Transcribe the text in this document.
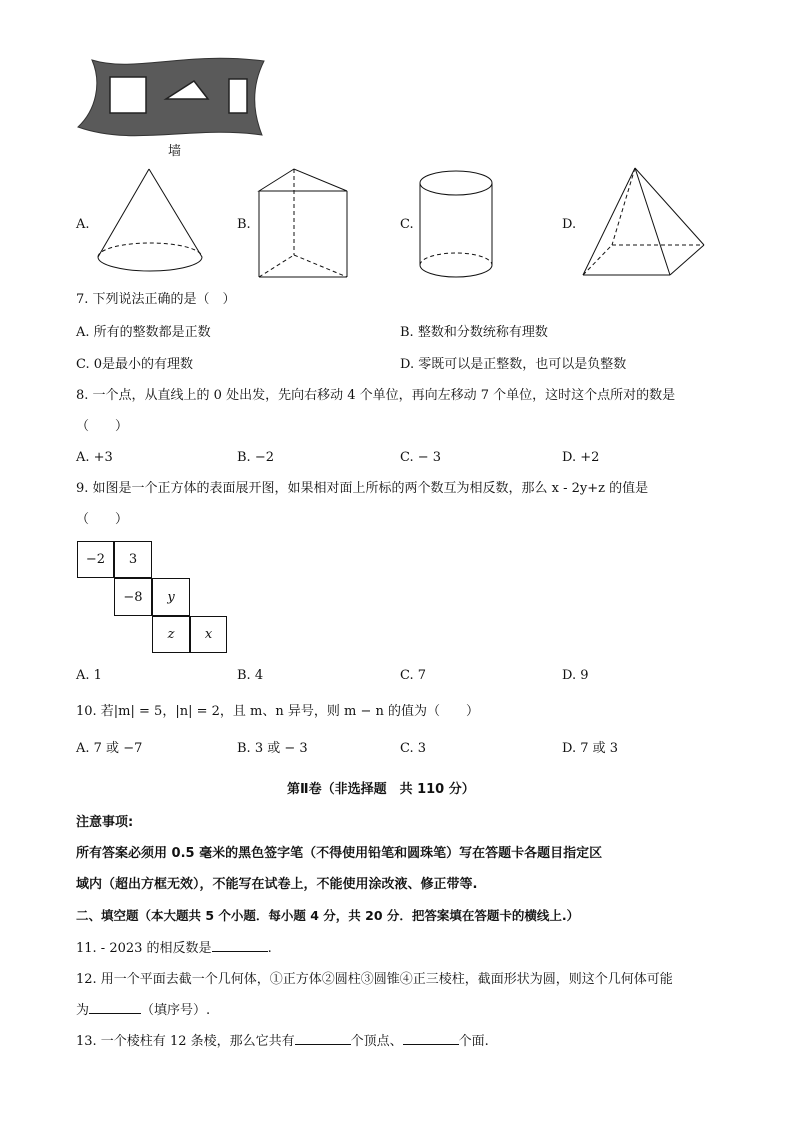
墙
A.	B.	C.	D.
7. 下列说法正确的是（　）
A. 所有的整数都是正数	B. 整数和分数统称有理数
C. 0是最小的有理数	D. 零既可以是正整数，也可以是负整数
8. 一个点，从直线上的 0 处出发，先向右移动 4 个单位，再向左移动 7 个单位，这时这个点所对的数是
（　　）
A. +3	B. −2	C. − 3	D. +2
9. 如图是一个正方体的表面展开图，如果相对面上所标的两个数互为相反数，那么 x - 2y+z 的值是
（　　）
−2	3
−8	y
z	x
A. 1	B. 4	C. 7	D. 9
10. 若|m| = 5，|n| = 2，且 m、n 异号，则 m − n 的值为（　　）
A. 7 或 −7	B. 3 或 − 3	C. 3	D. 7 或 3
第Ⅱ卷（非选择题　共 110 分）
注意事项:
所有答案必须用 0.5 毫米的黑色签字笔（不得使用铅笔和圆珠笔）写在答题卡各题目指定区
域内（超出方框无效），不能写在试卷上，不能使用涂改液、修正带等.
二、填空题（本大题共 5 个小题．每小题 4 分，共 20 分．把答案填在答题卡的横线上.）
11. - 2023 的相反数是	.
12. 用一个平面去截一个几何体，①正方体②圆柱③圆锥④正三棱柱，截面形状为圆，则这个几何体可能
为	（填序号）.
13. 一个棱柱有 12 条棱，那么它共有	个顶点、	个面.
